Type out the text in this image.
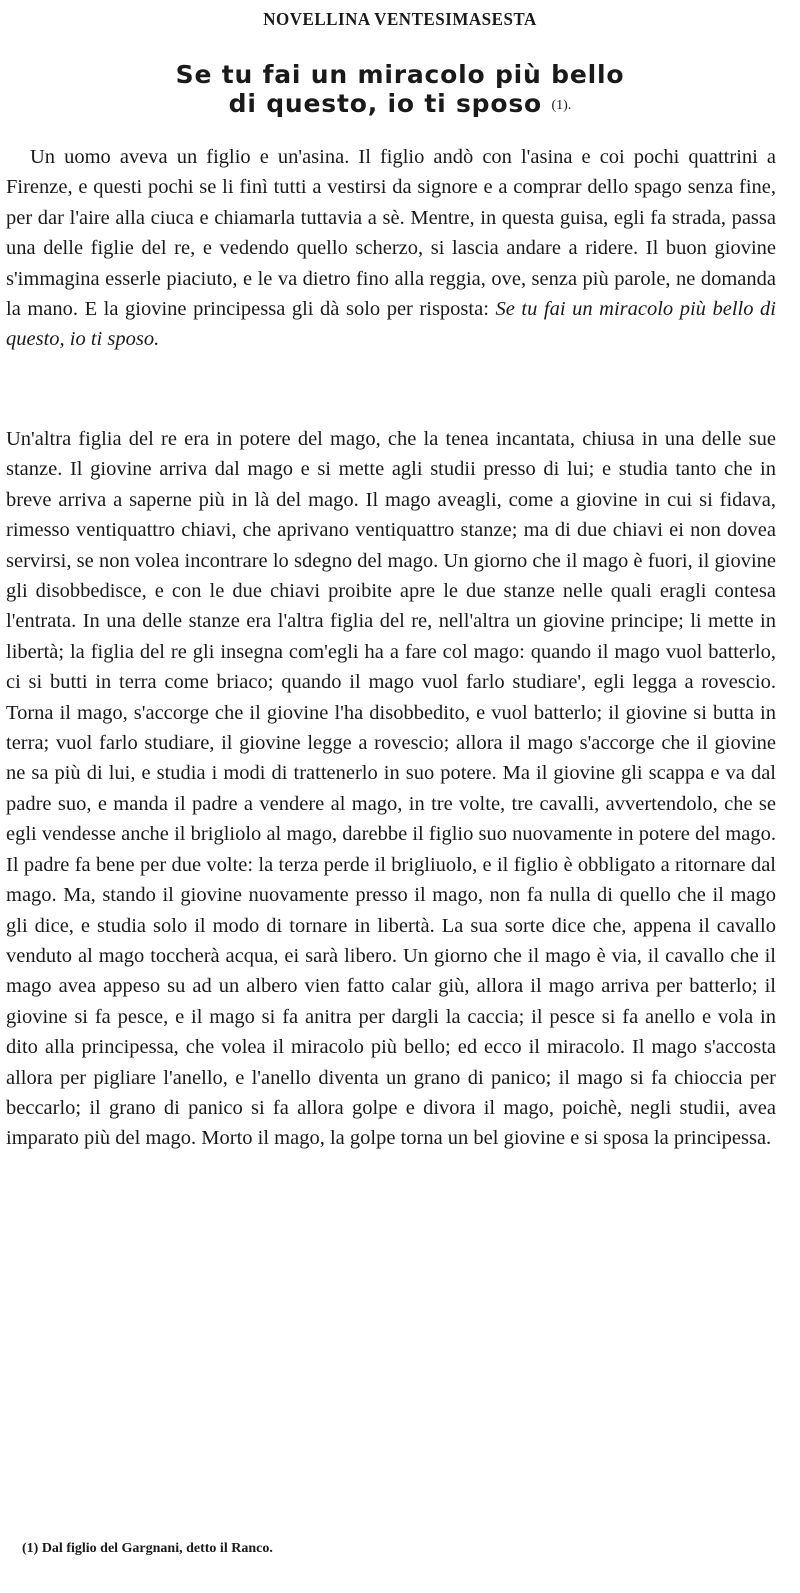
NOVELLINA VENTESIMASESTA
Se tu fai un miracolo più bello
di questo, io ti sposo (1).
Un uomo aveva un figlio e un'asina. Il figlio andò con l'asina e coi pochi quattrini a Firenze, e questi pochi se li finì tutti a vestirsi da signore e a comprar dello spago senza fine, per dar l'aire alla ciuca e chiamarla tuttavia a sè. Mentre, in questa guisa, egli fa strada, passa una delle figlie del re, e vedendo quello scherzo, si lascia andare a ridere. Il buon giovine s'immagina esserle piaciuto, e le va dietro fino alla reggia, ove, senza più parole, ne domanda la mano. E la giovine principessa gli dà solo per risposta: Se tu fai un miracolo più bello di questo, io ti sposo.
Un'altra figlia del re era in potere del mago, che la tenea incantata, chiusa in una delle sue stanze. Il giovine arriva dal mago e si mette agli studii presso di lui; e studia tanto che in breve arriva a saperne più in là del mago. Il mago aveagli, come a giovine in cui si fidava, rimesso ventiquattro chiavi, che aprivano ventiquattro stanze; ma di due chiavi ei non dovea servirsi, se non volea incontrare lo sdegno del mago. Un giorno che il mago è fuori, il giovine gli disobbedisce, e con le due chiavi proibite apre le due stanze nelle quali eragli contesa l'entrata. In una delle stanze era l'altra figlia del re, nell'altra un giovine principe; li mette in libertà; la figlia del re gli insegna com'egli ha a fare col mago: quando il mago vuol batterlo, ci si butti in terra come briaco; quando il mago vuol farlo studiare', egli legga a rovescio. Torna il mago, s'accorge che il giovine l'ha disobbedito, e vuol batterlo; il giovine si butta in terra; vuol farlo studiare, il giovine legge a rovescio; allora il mago s'accorge che il giovine ne sa più di lui, e studia i modi di trattenerlo in suo potere. Ma il giovine gli scappa e va dal padre suo, e manda il padre a vendere al mago, in tre volte, tre cavalli, avvertendolo, che se egli vendesse anche il brigliolo al mago, darebbe il figlio suo nuovamente in potere del mago. Il padre fa bene per due volte: la terza perde il brigliuolo, e il figlio è obbligato a ritornare dal mago. Ma, stando il giovine nuovamente presso il mago, non fa nulla di quello che il mago gli dice, e studia solo il modo di tornare in libertà. La sua sorte dice che, appena il cavallo venduto al mago toccherà acqua, ei sarà libero. Un giorno che il mago è via, il cavallo che il mago avea appeso su ad un albero vien fatto calar giù, allora il mago arriva per batterlo; il giovine si fa pesce, e il mago si fa anitra per dargli la caccia; il pesce si fa anello e vola in dito alla principessa, che volea il miracolo più bello; ed ecco il miracolo. Il mago s'accosta allora per pigliare l'anello, e l'anello diventa un grano di panico; il mago si fa chioccia per beccarlo; il grano di panico si fa allora golpe e divora il mago, poichè, negli studii, avea imparato più del mago. Morto il mago, la golpe torna un bel giovine e si sposa la principessa.
(1) Dal figlio del Gargnani, detto il Ranco.
